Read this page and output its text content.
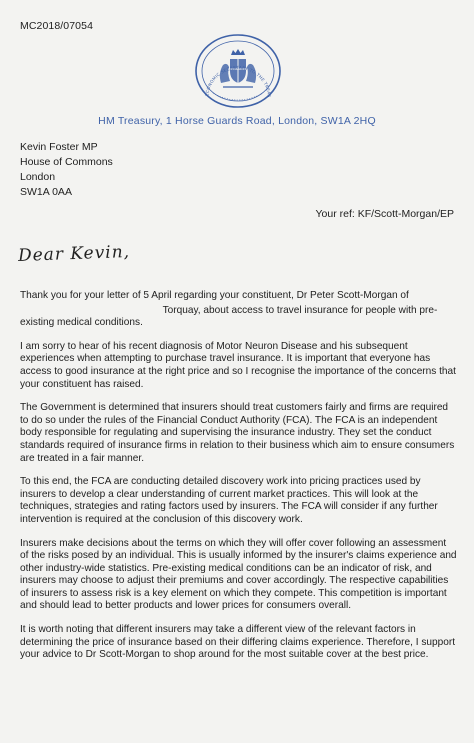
MC2018/07054
ECONOMIC SECRETARY TO THE TREAS
HM Treasury, 1 Horse Guards Road, London, SW1A 2HQ
Kevin Foster MP
House of Commons
London
SW1A 0AA
Your ref: KF/Scott-Morgan/EP
Dear Kevin,

Thank you for your letter of 5 April regarding your constituent, Dr Peter Scott-Morgan of
Torquay, about access to travel insurance for people with pre-existing medical conditions.

I am sorry to hear of his recent diagnosis of Motor Neuron Disease and his subsequent experiences when attempting to purchase travel insurance. It is important that everyone has access to good insurance at the right price and so I recognise the importance of the concerns that your constituent has raised.

The Government is determined that insurers should treat customers fairly and firms are required to do so under the rules of the Financial Conduct Authority (FCA). The FCA is an independent body responsible for regulating and supervising the insurance industry. They set the conduct standards required of insurance firms in relation to their business which aim to ensure consumers are treated in a fair manner.

To this end, the FCA are conducting detailed discovery work into pricing practices used by insurers to develop a clear understanding of current market practices. This will look at the techniques, strategies and rating factors used by insurers. The FCA will consider if any further intervention is required at the conclusion of this discovery work.

Insurers make decisions about the terms on which they will offer cover following an assessment of the risks posed by an individual. This is usually informed by the insurer's claims experience and other industry-wide statistics. Pre-existing medical conditions can be an indicator of risk, and insurers may choose to adjust their premiums and cover accordingly. The respective capabilities of insurers to assess risk is a key element on which they compete. This competition is important and should lead to better products and lower prices for consumers overall.

It is worth noting that different insurers may take a different view of the relevant factors in determining the price of insurance based on their differing claims experience. Therefore, I support your advice to Dr Scott-Morgan to shop around for the most suitable cover at the best price.
